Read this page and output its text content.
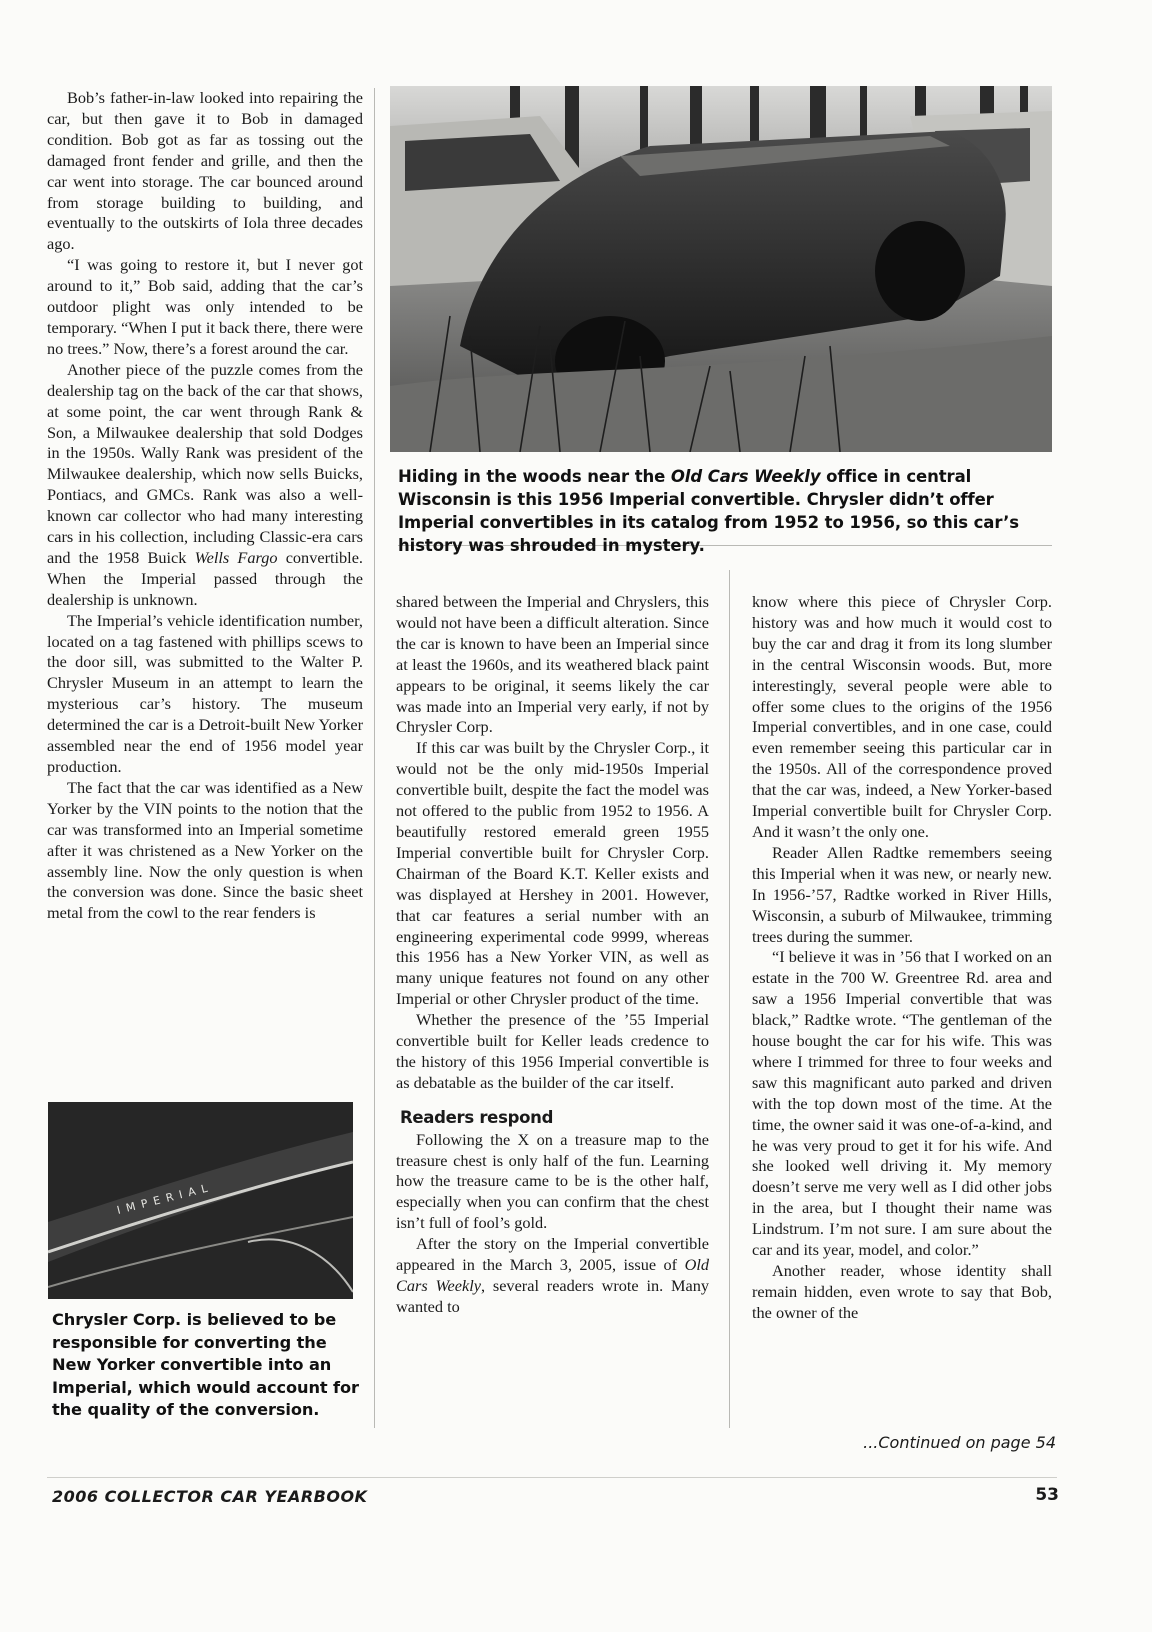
Bob’s father-in-law looked into repairing the car, but then gave it to Bob in damaged condition. Bob got as far as tossing out the damaged front fender and grille, and then the car went into storage. The car bounced around from storage building to building, and eventually to the outskirts of Iola three decades ago.

“I was going to restore it, but I never got around to it,” Bob said, adding that the car’s outdoor plight was only intended to be temporary. “When I put it back there, there were no trees.” Now, there’s a forest around the car.

Another piece of the puzzle comes from the dealership tag on the back of the car that shows, at some point, the car went through Rank & Son, a Milwaukee dealership that sold Dodges in the 1950s. Wally Rank was president of the Milwaukee dealership, which now sells Buicks, Pontiacs, and GMCs. Rank was also a well-known car collector who had many interesting cars in his collection, including Classic-era cars and the 1958 Buick Wells Fargo convertible. When the Imperial passed through the dealership is unknown.

The Imperial’s vehicle identification number, located on a tag fastened with phillips scews to the door sill, was submitted to the Walter P. Chrysler Museum in an attempt to learn the mysterious car’s history. The museum determined the car is a Detroit-built New Yorker assembled near the end of 1956 model year production.

The fact that the car was identified as a New Yorker by the VIN points to the notion that the car was transformed into an Imperial sometime after it was christened as a New Yorker on the assembly line. Now the only question is when the conversion was done. Since the basic sheet metal from the cowl to the rear fenders is

Hiding in the woods near the Old Cars Weekly office in central Wisconsin is this 1956 Imperial convertible. Chrysler didn’t offer Imperial convertibles in its catalog from 1952 to 1956, so this car’s history was shrouded in mystery.

shared between the Imperial and Chryslers, this would not have been a difficult alteration. Since the car is known to have been an Imperial since at least the 1960s, and its weathered black paint appears to be original, it seems likely the car was made into an Imperial very early, if not by Chrysler Corp.

If this car was built by the Chrysler Corp., it would not be the only mid-1950s Imperial convertible built, despite the fact the model was not offered to the public from 1952 to 1956. A beautifully restored emerald green 1955 Imperial convertible built for Chrysler Corp. Chairman of the Board K.T. Keller exists and was displayed at Hershey in 2001. However, that car features a serial number with an engineering experimental code 9999, whereas this 1956 has a New Yorker VIN, as well as many unique features not found on any other Imperial or other Chrysler product of the time.

Whether the presence of the ’55 Imperial convertible built for Keller leads credence to the history of this 1956 Imperial convertible is as debatable as the builder of the car itself.

Readers respond

Following the X on a treasure map to the treasure chest is only half of the fun. Learning how the treasure came to be is the other half, especially when you can confirm that the chest isn’t full of fool’s gold.

After the story on the Imperial convertible appeared in the March 3, 2005, issue of Old Cars Weekly, several readers wrote in. Many wanted to

know where this piece of Chrysler Corp. history was and how much it would cost to buy the car and drag it from its long slumber in the central Wisconsin woods. But, more interestingly, several people were able to offer some clues to the origins of the 1956 Imperial convertibles, and in one case, could even remember seeing this particular car in the 1950s. All of the correspondence proved that the car was, indeed, a New Yorker-based Imperial convertible built for Chrysler Corp. And it wasn’t the only one.

Reader Allen Radtke remembers seeing this Imperial when it was new, or nearly new. In 1956-’57, Radtke worked in River Hills, Wisconsin, a suburb of Milwaukee, trimming trees during the summer.

“I believe it was in ’56 that I worked on an estate in the 700 W. Greentree Rd. area and saw a 1956 Imperial convertible that was black,” Radtke wrote. “The gentleman of the house bought the car for his wife. This was where I trimmed for three to four weeks and saw this magnificant auto parked and driven with the top down most of the time. At the time, the owner said it was one-of-a-kind, and he was very proud to get it for his wife. And she looked well driving it. My memory doesn’t serve me very well as I did other jobs in the area, but I thought their name was Lindstrum. I’m not sure. I am sure about the car and its year, model, and color.”

Another reader, whose identity shall remain hidden, even wrote to say that Bob, the owner of the

IMPERIAL
Chrysler Corp. is believed to be responsible for converting the New Yorker convertible into an Imperial, which would account for the quality of the conversion.
...Continued on page 54
2006 COLLECTOR CAR YEARBOOK	53
